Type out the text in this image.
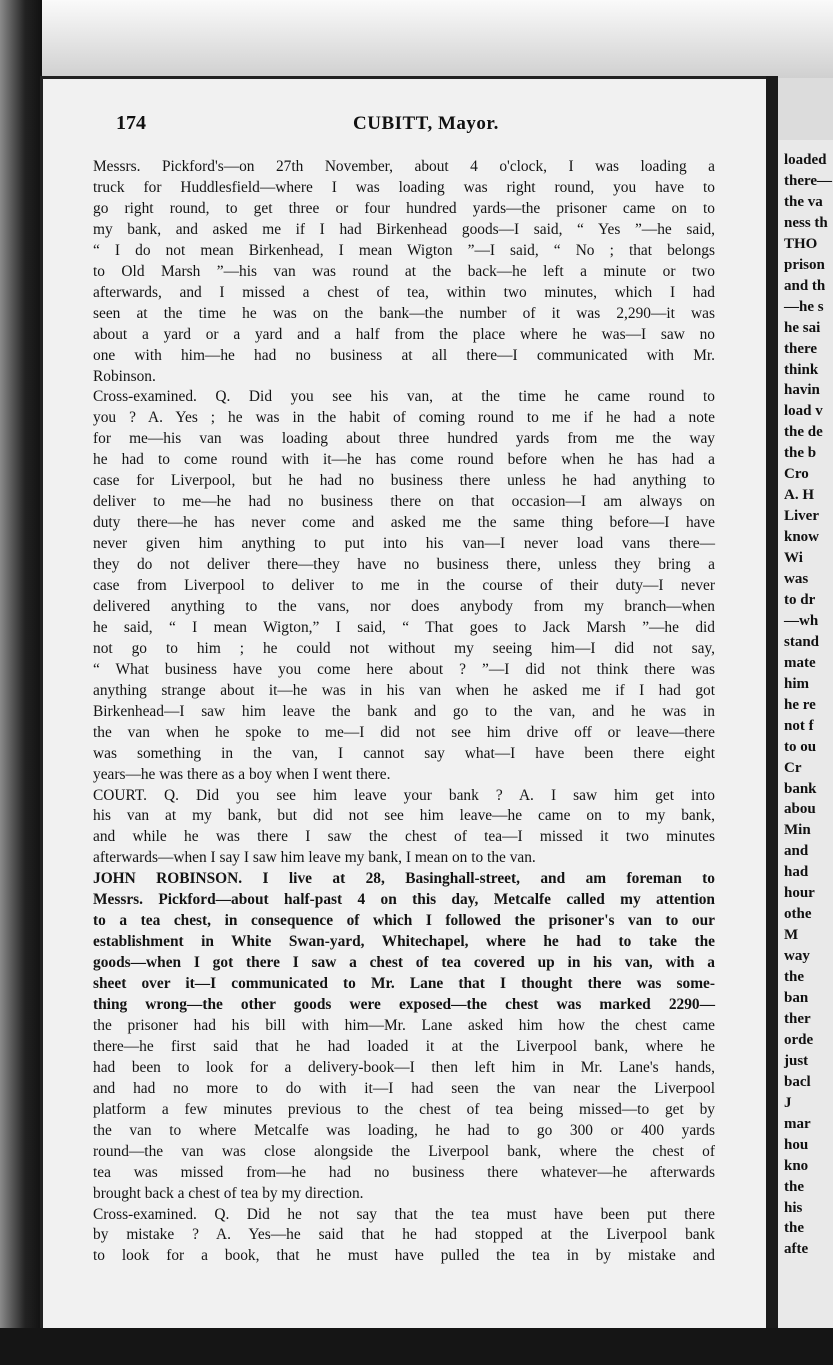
174	CUBITT, Mayor.
Messrs. Pickford's—on 27th November, about 4 o'clock, I was loading a
truck for Huddlesfield—where I was loading was right round, you have to
go right round, to get three or four hundred yards—the prisoner came on to
my bank, and asked me if I had Birkenhead goods—I said, “ Yes ”—he said,
“ I do not mean Birkenhead, I mean Wigton ”—I said, “ No ; that belongs
to Old Marsh ”—his van was round at the back—he left a minute or two
afterwards, and I missed a chest of tea, within two minutes, which I had
seen at the time he was on the bank—the number of it was 2,290—it was
about a yard or a yard and a half from the place where he was—I saw no
one with him—he had no business at all there—I communicated with Mr.
Robinson.
Cross-examined. Q. Did you see his van, at the time he came round to
you ? A. Yes ; he was in the habit of coming round to me if he had a note
for me—his van was loading about three hundred yards from me the way
he had to come round with it—he has come round before when he has had a
case for Liverpool, but he had no business there unless he had anything to
deliver to me—he had no business there on that occasion—I am always on
duty there—he has never come and asked me the same thing before—I have
never given him anything to put into his van—I never load vans there—
they do not deliver there—they have no business there, unless they bring a
case from Liverpool to deliver to me in the course of their duty—I never
delivered anything to the vans, nor does anybody from my branch—when
he said, “ I mean Wigton,” I said, “ That goes to Jack Marsh ”—he did
not go to him ; he could not without my seeing him—I did not say,
“ What business have you come here about ? ”—I did not think there was
anything strange about it—he was in his van when he asked me if I had got
Birkenhead—I saw him leave the bank and go to the van, and he was in
the van when he spoke to me—I did not see him drive off or leave—there
was something in the van, I cannot say what—I have been there eight
years—he was there as a boy when I went there.
COURT. Q. Did you see him leave your bank ? A. I saw him get into
his van at my bank, but did not see him leave—he came on to my bank,
and while he was there I saw the chest of tea—I missed it two minutes
afterwards—when I say I saw him leave my bank, I mean on to the van.
JOHN ROBINSON. I live at 28, Basinghall-street, and am foreman to
Messrs. Pickford—about half-past 4 on this day, Metcalfe called my attention
to a tea chest, in consequence of which I followed the prisoner's van to our
establishment in White Swan-yard, Whitechapel, where he had to take the
goods—when I got there I saw a chest of tea covered up in his van, with a
sheet over it—I communicated to Mr. Lane that I thought there was some-
thing wrong—the other goods were exposed—the chest was marked 2290—
the prisoner had his bill with him—Mr. Lane asked him how the chest came
there—he first said that he had loaded it at the Liverpool bank, where he
had been to look for a delivery-book—I then left him in Mr. Lane's hands,
and had no more to do with it—I had seen the van near the Liverpool
platform a few minutes previous to the chest of tea being missed—to get by
the van to where Metcalfe was loading, he had to go 300 or 400 yards
round—the van was close alongside the Liverpool bank, where the chest of
tea was missed from—he had no business there whatever—he afterwards
brought back a chest of tea by my direction.
Cross-examined. Q. Did he not say that the tea must have been put there
by mistake ? A. Yes—he said that he had stopped at the Liverpool bank
to look for a book, that he must have pulled the tea in by mistake and
loaded
there—
the va
ness th
THO
prison
and th
—he s
he sai
there
think
havin
load v
the de
the b
Cro
A. H
Liver
know
Wi
was
to dr
—wh
stand
mate
him
he re
not f
to ou
Cr
bank
abou
Min
and
had
hour
othe
M
way
the
ban
ther
orde
just
bacl
J
mar
hou
kno
the
his
the
afte
